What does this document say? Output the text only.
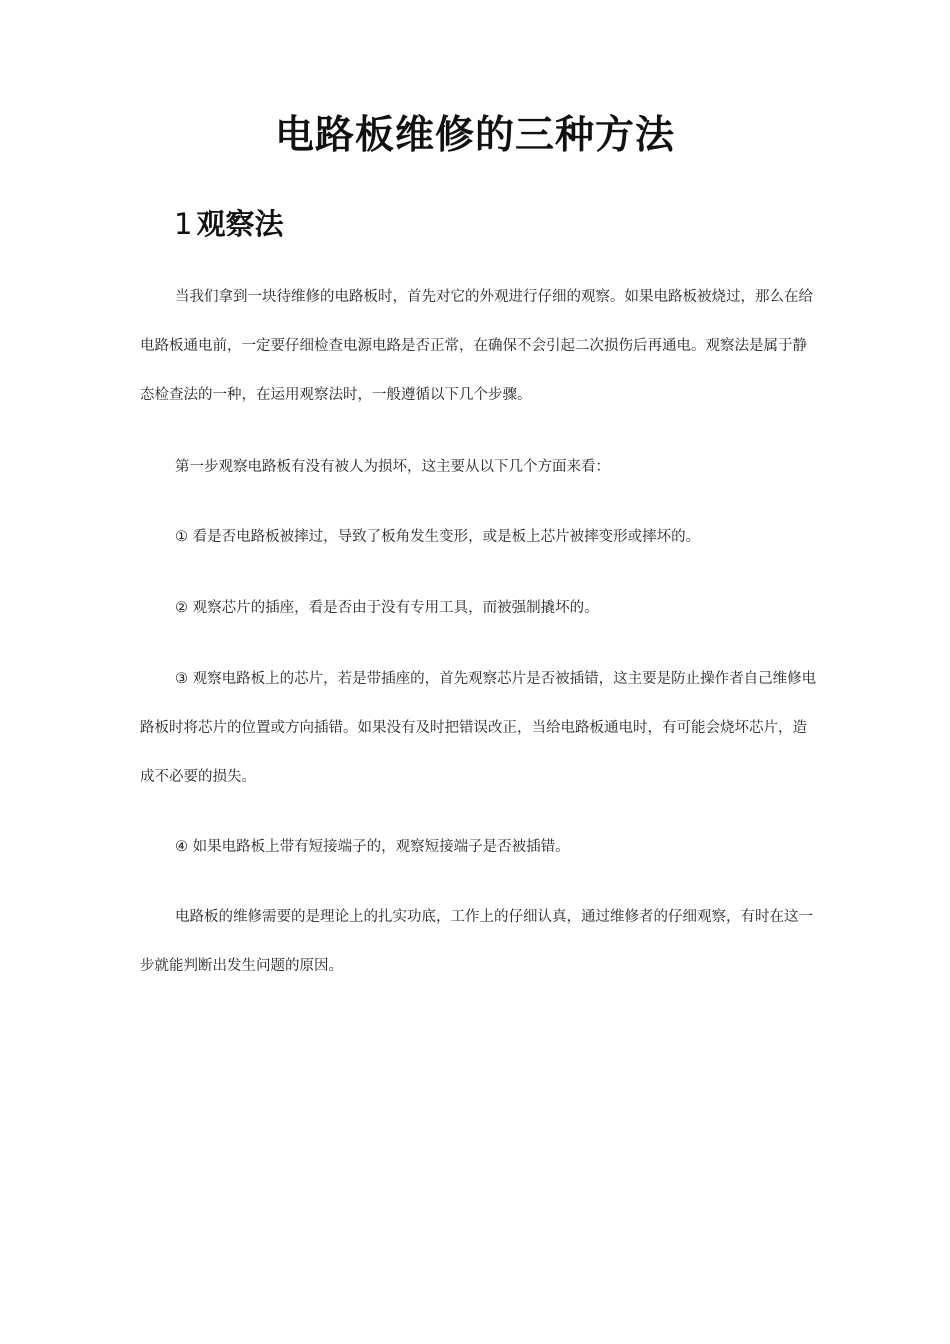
电路板维修的三种方法
1 观察法

当我们拿到一块待维修的电路板时，首先对它的外观进行仔细的观察。如果电路板被烧过，那么在给电路板通电前，一定要仔细检查电源电路是否正常，在确保不会引起二次损伤后再通电。观察法是属于静态检查法的一种，在运用观察法时，一般遵循以下几个步骤。

第一步观察电路板有没有被人为损坏，这主要从以下几个方面来看：

① 看是否电路板被摔过，导致了板角发生变形，或是板上芯片被摔变形或摔坏的。

② 观察芯片的插座，看是否由于没有专用工具，而被强制撬坏的。

③ 观察电路板上的芯片，若是带插座的，首先观察芯片是否被插错，这主要是防止操作者自己维修电路板时将芯片的位置或方向插错。如果没有及时把错误改正，当给电路板通电时，有可能会烧坏芯片，造成不必要的损失。

④ 如果电路板上带有短接端子的，观察短接端子是否被插错。

电路板的维修需要的是理论上的扎实功底，工作上的仔细认真，通过维修者的仔细观察，有时在这一步就能判断出发生问题的原因。
